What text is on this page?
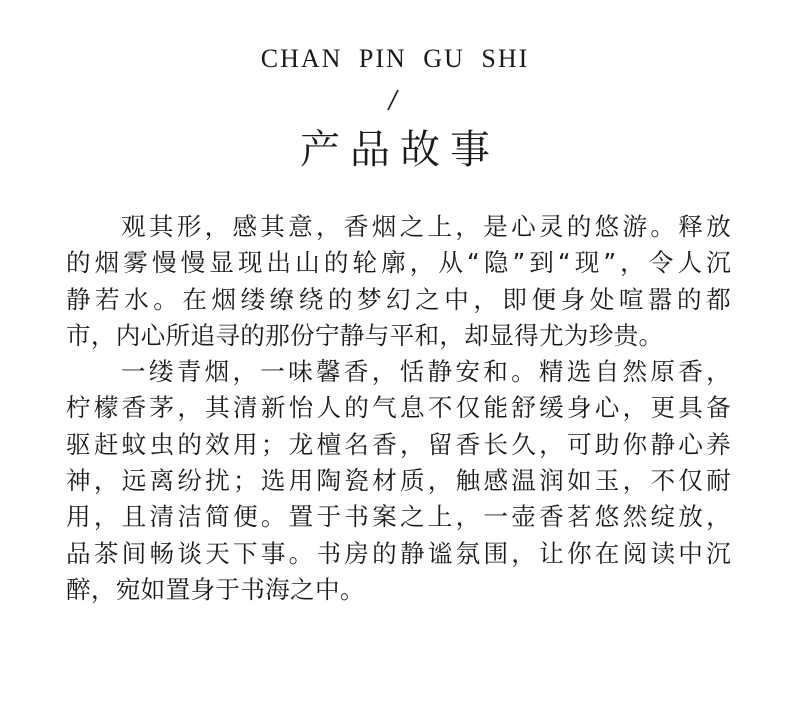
CHAN PIN GU SHI
产品故事

观其形，感其意，香烟之上，是心灵的悠游。释放
的烟雾慢慢显现出山的轮廓，从“隐”到“现”，令人沉
静若水。在烟缕缭绕的梦幻之中，即便身处喧嚣的都
市，内心所追寻的那份宁静与平和，却显得尤为珍贵。

一缕青烟，一味馨香，恬静安和。精选自然原香，
柠檬香茅，其清新怡人的气息不仅能舒缓身心，更具备
驱赶蚊虫的效用；龙檀名香，留香长久，可助你静心养
神，远离纷扰；选用陶瓷材质，触感温润如玉，不仅耐
用，且清洁简便。置于书案之上，一壶香茗悠然绽放，
品茶间畅谈天下事。书房的静谧氛围，让你在阅读中沉
醉，宛如置身于书海之中。
